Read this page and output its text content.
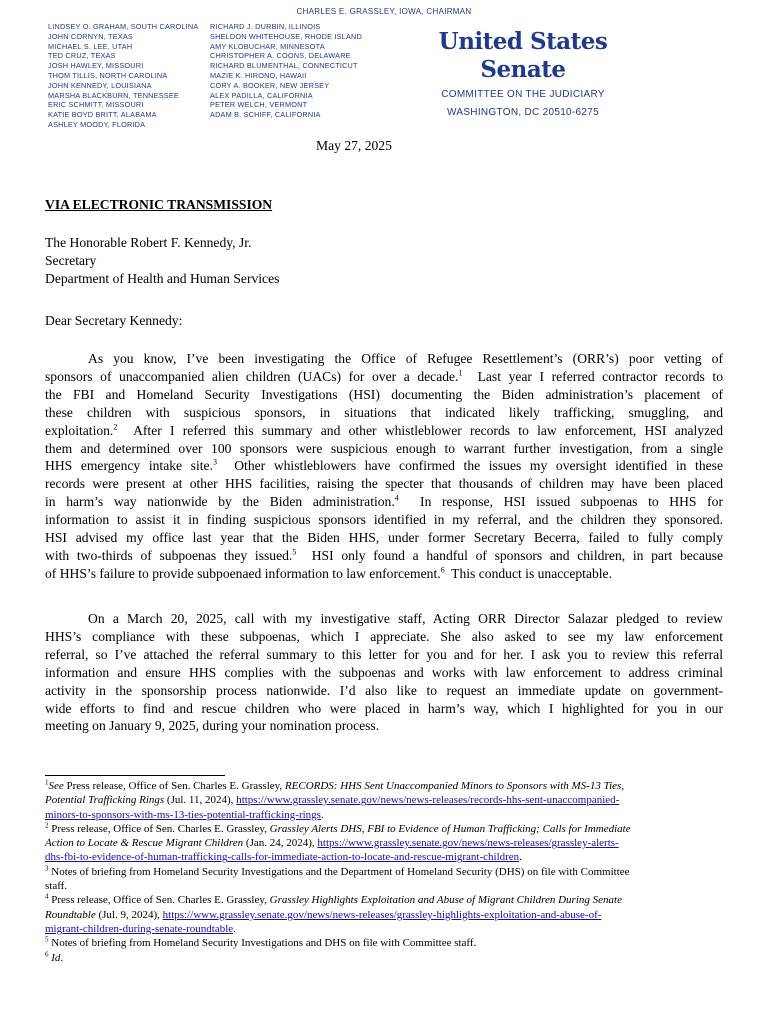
CHARLES E. GRASSLEY, IOWA, CHAIRMAN
LINDSEY O. GRAHAM, SOUTH CAROLINA
JOHN CORNYN, TEXAS
MICHAEL S. LEE, UTAH
TED CRUZ, TEXAS
JOSH HAWLEY, MISSOURI
THOM TILLIS, NORTH CAROLINA
JOHN KENNEDY, LOUISIANA
MARSHA BLACKBURN, TENNESSEE
ERIC SCHMITT, MISSOURI
KATIE BOYD BRITT, ALABAMA
ASHLEY MOODY, FLORIDA
RICHARD J. DURBIN, ILLINOIS
SHELDON WHITEHOUSE, RHODE ISLAND
AMY KLOBUCHAR, MINNESOTA
CHRISTOPHER A. COONS, DELAWARE
RICHARD BLUMENTHAL, CONNECTICUT
MAZIE K. HIRONO, HAWAII
CORY A. BOOKER, NEW JERSEY
ALEX PADILLA, CALIFORNIA
PETER WELCH, VERMONT
ADAM B. SCHIFF, CALIFORNIA
United States Senate
COMMITTEE ON THE JUDICIARY
WASHINGTON, DC 20510-6275
May 27, 2025
VIA ELECTRONIC TRANSMISSION
The Honorable Robert F. Kennedy, Jr.
Secretary
Department of Health and Human Services
Dear Secretary Kennedy:
As you know, I’ve been investigating the Office of Refugee Resettlement’s (ORR’s) poor vetting of
sponsors of unaccompanied alien children (UACs) for over a decade.$^1$  Last year I referred contractor records to
the FBI and Homeland Security Investigations (HSI) documenting the Biden administration’s placement of
these children with suspicious sponsors, in situations that indicated likely trafficking, smuggling, and
exploitation.$^2$  After I referred this summary and other whistleblower records to law enforcement, HSI analyzed
them and determined over 100 sponsors were suspicious enough to warrant further investigation, from a single
HHS emergency intake site.$^3$  Other whistleblowers have confirmed the issues my oversight identified in these
records were present at other HHS facilities, raising the specter that thousands of children may have been placed
in harm’s way nationwide by the Biden administration.$^4$  In response, HSI issued subpoenas to HHS for
information to assist it in finding suspicious sponsors identified in my referral, and the children they sponsored.
HSI advised my office last year that the Biden HHS, under former Secretary Becerra, failed to fully comply
with two-thirds of subpoenas they issued.$^5$  HSI only found a handful of sponsors and children, in part because
of HHS’s failure to provide subpoenaed information to law enforcement.$^6$  This conduct is unacceptable.
On a March 20, 2025, call with my investigative staff, Acting ORR Director Salazar pledged to review
HHS’s compliance with these subpoenas, which I appreciate. She also asked to see my law enforcement
referral, so I’ve attached the referral summary to this letter for you and for her. I ask you to review this referral
information and ensure HHS complies with the subpoenas and works with law enforcement to address criminal
activity in the sponsorship process nationwide. I’d also like to request an immediate update on government-
wide efforts to find and rescue children who were placed in harm’s way, which I highlighted for you in our
meeting on January 9, 2025, during your nomination process.
$^1$See Press release, Office of Sen. Charles E. Grassley, RECORDS: HHS Sent Unaccompanied Minors to Sponsors with MS-13 Ties,
Potential Trafficking Rings (Jul. 11, 2024), https://www.grassley.senate.gov/news/news-releases/records-hhs-sent-unaccompanied-
minors-to-sponsors-with-ms-13-ties-potential-trafficking-rings.
$^2$ Press release, Office of Sen. Charles E. Grassley, Grassley Alerts DHS, FBI to Evidence of Human Trafficking; Calls for Immediate
Action to Locate & Rescue Migrant Children (Jan. 24, 2024), https://www.grassley.senate.gov/news/news-releases/grassley-alerts-
dhs-fbi-to-evidence-of-human-trafficking-calls-for-immediate-action-to-locate-and-rescue-migrant-children.
$^3$ Notes of briefing from Homeland Security Investigations and the Department of Homeland Security (DHS) on file with Committee
staff.
$^4$ Press release, Office of Sen. Charles E. Grassley, Grassley Highlights Exploitation and Abuse of Migrant Children During Senate
Roundtable (Jul. 9, 2024), https://www.grassley.senate.gov/news/news-releases/grassley-highlights-exploitation-and-abuse-of-
migrant-children-during-senate-roundtable.
$^5$ Notes of briefing from Homeland Security Investigations and DHS on file with Committee staff.
$^6$ Id.
